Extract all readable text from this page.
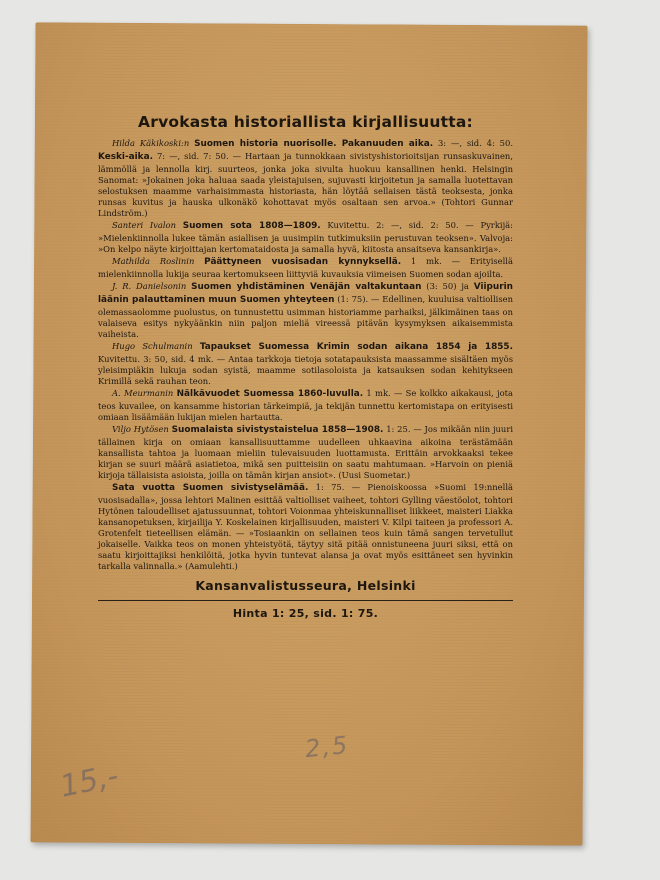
Arvokasta historiallista kirjallisuutta:
Hilda Käkikoski:n Suomen historia nuorisolle. Pakanuuden aika. 3: —, sid. 4: 50. Keski-aika. 7: —, sid. 7: 50. — Hartaan ja tunnokkaan sivistyshistorioitsijan runsaskuvainen, lämmöllä ja lennolla kirj. suurteos, jonka joka sivulta huokuu kansallinen henki. Helsingin Sanomat: »Jokainen joka haluaa saada yleistajuisen, sujuvasti kirjoitetun ja samalla luotettavan selostuksen maamme varhaisimmasta historiasta, hän löytää sellaisen tästä teoksesta, jonka runsas kuvitus ja hauska ulkonäkö kohottavat myös osaltaan sen arvoa.» (Tohtori Gunnar Lindström.)
Santeri Ivalon Suomen sota 1808—1809. Kuvitettu. 2: —, sid. 2: 50. — Pyrkijä: »Mielenkiinnolla lukee tämän asiallisen ja uusimpiin tutkimuksiin perustuvan teoksen». Valvoja: »On kelpo näyte kirjoittajan kertomataidosta ja samalla hyvä, kiitosta ansaitseva kansankirja».
Mathilda Roslinin Päättyneen vuosisadan kynnyksellä. 1 mk. — Erityisellä mielenkiinnolla lukija seuraa kertomukseen liittyviä kuvauksia viimeisen Suomen sodan ajoilta.
J. R. Danielsonin Suomen yhdistäminen Venäjän valtakuntaan (3: 50) ja Viipurin läänin palauttaminen muun Suomen yhteyteen (1: 75). — Edellinen, kuuluisa valtiollisen olemassaolomme puolustus, on tunnustettu usimman historiamme parhaiksi, jälkimäinen taas on valaiseva esitys nykyäänkin niin paljon mieliä vireessä pitävän kysymyksen aikaisemmista vaiheista.
Hugo Schulmanin Tapaukset Suomessa Krimin sodan aikana 1854 ja 1855. Kuvitettu. 3: 50, sid. 4 mk. — Antaa tarkkoja tietoja sotatapauksista maassamme sisältäen myös yleisimpiäkin lukuja sodan syistä, maamme sotilasoloista ja katsauksen sodan kehitykseen Krimillä sekä rauhan teon.
A. Meurmanin Nälkävuodet Suomessa 1860-luvulla. 1 mk. — Se kolkko aikakausi, jota teos kuvailee, on kansamme historian tärkeimpiä, ja tekijän tunnettu kertomistapa on erityisesti omiaan lisäämään lukijan mielen hartautta.
Viljo Hytösen Suomalaista sivistystaistelua 1858—1908. 1: 25. — Jos mikään niin juuri tällainen kirja on omiaan kansallisuuttamme uudelleen uhkaavina aikoina terästämään kansallista tahtoa ja luomaan mieliin tulevaisuuden luottamusta. Erittäin arvokkaaksi tekee kirjan se suuri määrä asiatietoa, mikä sen puitteisiin on saatu mahtumaan. »Harvoin on pieniä kirjoja tällaisista asioista, joilla on tämän kirjan ansiot». (Uusi Suometar.)
Sata vuotta Suomen sivistyselämää. 1: 75. — Pienoiskoossa »Suomi 19:nnellä vuosisadalla», jossa lehtori Malinen esittää valtiolliset vaiheet, tohtori Gylling väestöolot, tohtori Hytönen taloudelliset ajatussuunnat, tohtori Voionmaa yhteiskunnalliset liikkeet, maisteri Liakka kansanopetuksen, kirjailija Y. Koskelainen kirjallisuuden, maisteri V. Kilpi taiteen ja professori A. Grotenfelt tieteellisen elämän. — »Tosiaankin on sellainen teos kuin tämä sangen tervetullut jokaiselle. Vaikka teos on monen yhteistyötä, täytyy sitä pitää onnistuneena juuri siksi, että on saatu kirjoittajiksi henkilöitä, jotka hyvin tuntevat alansa ja ovat myös esittäneet sen hyvinkin tarkalla valinnalla.» (Aamulehti.)
Kansanvalistusseura, Helsinki
Hinta 1: 25, sid. 1: 75.
2,5
15,-
